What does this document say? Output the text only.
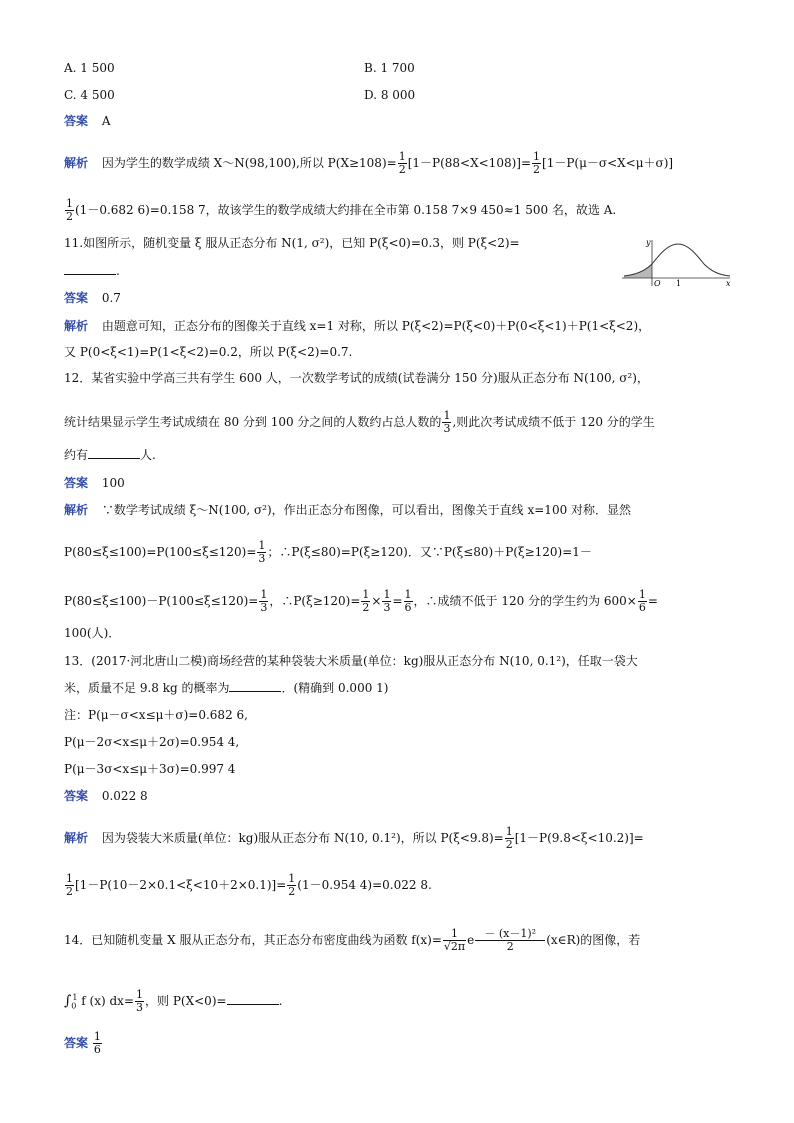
A. 1 500	B. 1 700
C. 4 500	D. 8 000
答案 A
解析 因为学生的数学成绩 X～N(98,100),所以 $P(X\ge 108)= \frac{1}{2} [1-P(88<X<108)]= \frac{1}{2} [1-P(\mu-\sigma<X<\mu+\sigma)]$
$\frac{1}{2} (1-0.682$ 6)=0.158 7，故该学生的数学成绩大约排在全市第 0.158 7×9 450≈1 500 名，故选 A.
11.如图所示，随机变量 ξ 服从正态分布 N(1, σ²)，已知 P(ξ<0)=0.3，则 P(ξ<2)=
.
y
O 1	x
答案 0.7
解析 由题意可知，正态分布的图像关于直线 x=1 对称，所以 P(ξ<2)=P(ξ<0)＋P(0<ξ<1)＋P(1<ξ<2)，
又 P(0<ξ<1)=P(1<ξ<2)=0.2，所以 P(ξ<2)=0.7.
12．某省实验中学高三共有学生 600 人，一次数学考试的成绩(试卷满分 150 分)服从正态分布 N(100, σ²)，
统计结果显示学生考试成绩在 80 分到 100 分之间的人数约占总人数的 $\frac{1}{3}$ ,则此次考试成绩不低于 120 分的学生
约有	人.
答案 100
解析 ∵数学考试成绩 ξ～N(100, σ²)，作出正态分布图像，可以看出，图像关于直线 x=100 对称．显然
$P(80\le\xi\le 100)=P(100\le\xi\le 120)= \frac{1}{3}$ ；∴P(ξ≤80)=P(ξ≥120)．又∵P(ξ≤80)＋P(ξ≥120)=1－
$P(80\le\xi\le 100)-P(100\le\xi\le 120)= \frac{1}{3}$ ，∴P(ξ≥120)= $\frac{1}{2} \times \frac{1}{3} = \frac{1}{6}$ ，∴成绩不低于 120 分的学生约为 $600\times \frac{1}{6}$ =
100(人)．
13．(2017·河北唐山二模)商场经营的某种袋装大米质量(单位：kg)服从正态分布 N(10, 0.1²)，任取一袋大
米，质量不足 9.8 kg 的概率为	．(精确到 0.000 1)
注：P(μ－σ<x≤μ＋σ)=0.682 6,
P(μ－2σ<x≤μ＋2σ)=0.954 4,
P(μ－3σ<x≤μ＋3σ)=0.997 4
答案 0.022 8
解析 因为袋装大米质量(单位：kg)服从正态分布 N(10, 0.1²)，所以 $P(\xi<9.8)= \frac{1}{2} [1-P(9.8<\xi<10.2)]=$
$\frac{1}{2} [1-P(10-2\times 0.1<\xi<10+2\times 0.1)]= \frac{1}{2} (1-0.954$ 4)=0.022 8.
14．已知随机变量 X 服从正态分布，其正态分布密度曲线为函数 $f(x)= \frac{1}{√2\pi}$ e $\frac{\text{－ (x－1)²}}{2}$ (x∈R)的图像，若
$\int_0^1$ f (x) $dx= \frac{1}{3}$ ，则 P(X<0)=	.
答案 $\frac{1}{6}$
